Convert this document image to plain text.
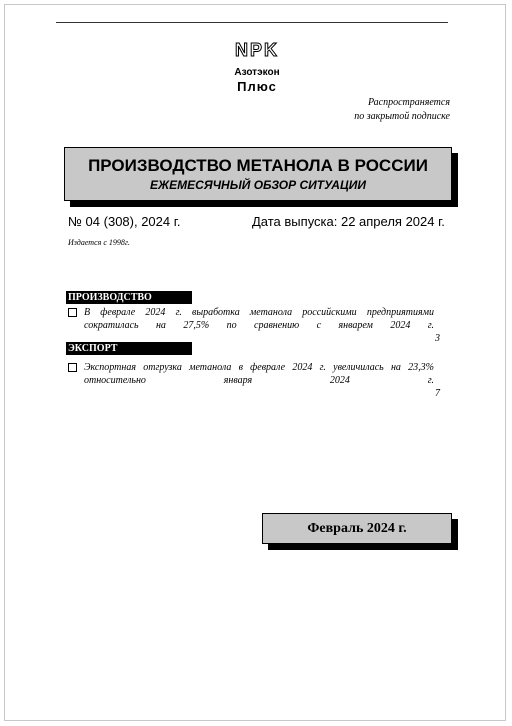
NPK
Азотэкон
Плюс
Распространяется
по закрытой подписке
ПРОИЗВОДСТВО МЕТАНОЛА В РОССИИ
ЕЖЕМЕСЯЧНЫЙ ОБЗОР СИТУАЦИИ
№ 04 (308), 2024 г.	Дата выпуска: 22 апреля 2024 г.
Издается с 1998г.
ПРОИЗВОДСТВО
В феврале 2024 г. выработка метанола российскими предприятиями сократилась на 27,5% по сравнению с январем 2024 г.
3
ЭКСПОРТ
Экспортная отгрузка метанола в феврале 2024 г. увеличилась на 23,3% относительно января 2024 г.
7
Февраль 2024 г.
